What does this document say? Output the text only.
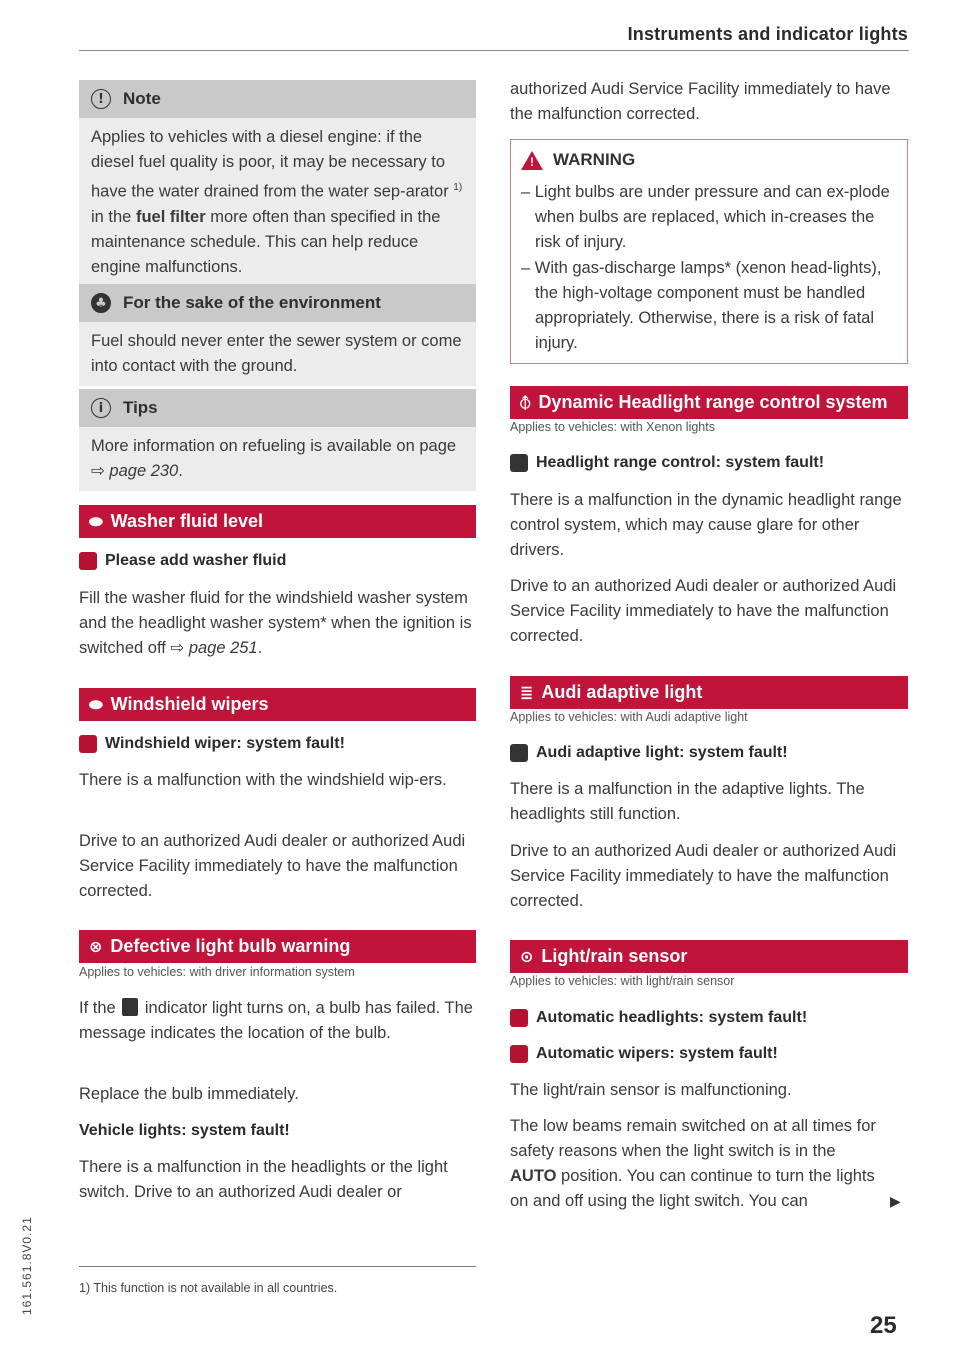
Instruments and indicator lights
!	Note
Applies to vehicles with a diesel engine: if the diesel fuel quality is poor, it may be necessary to have the water drained from the water sep-arator $^{1)}$ in the fuel filter more often than specified in the maintenance schedule. This can help reduce engine malfunctions.
♣ For the sake of the environment
Fuel should never enter the sewer system or come into contact with the ground.
i	Tips
More information on refueling is available on page ⇨ page 230.
⬬ Washer fluid level
Please add washer fluid

Fill the washer fluid for the windshield washer system and the headlight washer system* when the ignition is switched off ⇨ page 251.

⬬ Windshield wipers
Windshield wiper: system fault!

There is a malfunction with the windshield wip-ers.

Drive to an authorized Audi dealer or authorized Audi Service Facility immediately to have the malfunction corrected.

⊗ Defective light bulb warning
Applies to vehicles: with driver information system

If the  indicator light turns on, a bulb has failed. The message indicates the location of the bulb.

Replace the bulb immediately.

Vehicle lights: system fault!

There is a malfunction in the headlights or the light switch. Drive to an authorized Audi dealer or

authorized Audi Service Facility immediately to have the malfunction corrected.

! WARNING

– Light bulbs are under pressure and can ex-plode when bulbs are replaced, which in-creases the risk of injury.

– With gas-discharge lamps* (xenon head-lights), the high-voltage component must be handled appropriately. Otherwise, there is a risk of fatal injury.

⦽ Dynamic Headlight range control system
Applies to vehicles: with Xenon lights
Headlight range control: system fault!

There is a malfunction in the dynamic headlight range control system, which may cause glare for other drivers.

Drive to an authorized Audi dealer or authorized Audi Service Facility immediately to have the malfunction corrected.

≣ Audi adaptive light
Applies to vehicles: with Audi adaptive light
Audi adaptive light: system fault!

There is a malfunction in the adaptive lights. The headlights still function.

Drive to an authorized Audi dealer or authorized Audi Service Facility immediately to have the malfunction corrected.

⊙ Light/rain sensor
Applies to vehicles: with light/rain sensor
Automatic headlights: system fault!
Automatic wipers: system fault!

The light/rain sensor is malfunctioning.

The low beams remain switched on at all times for safety reasons when the light switch is in the AUTO position. You can continue to turn the lights on and off using the light switch. You can	▶
1) This function is not available in all countries.
161.561.8V0.21
25
